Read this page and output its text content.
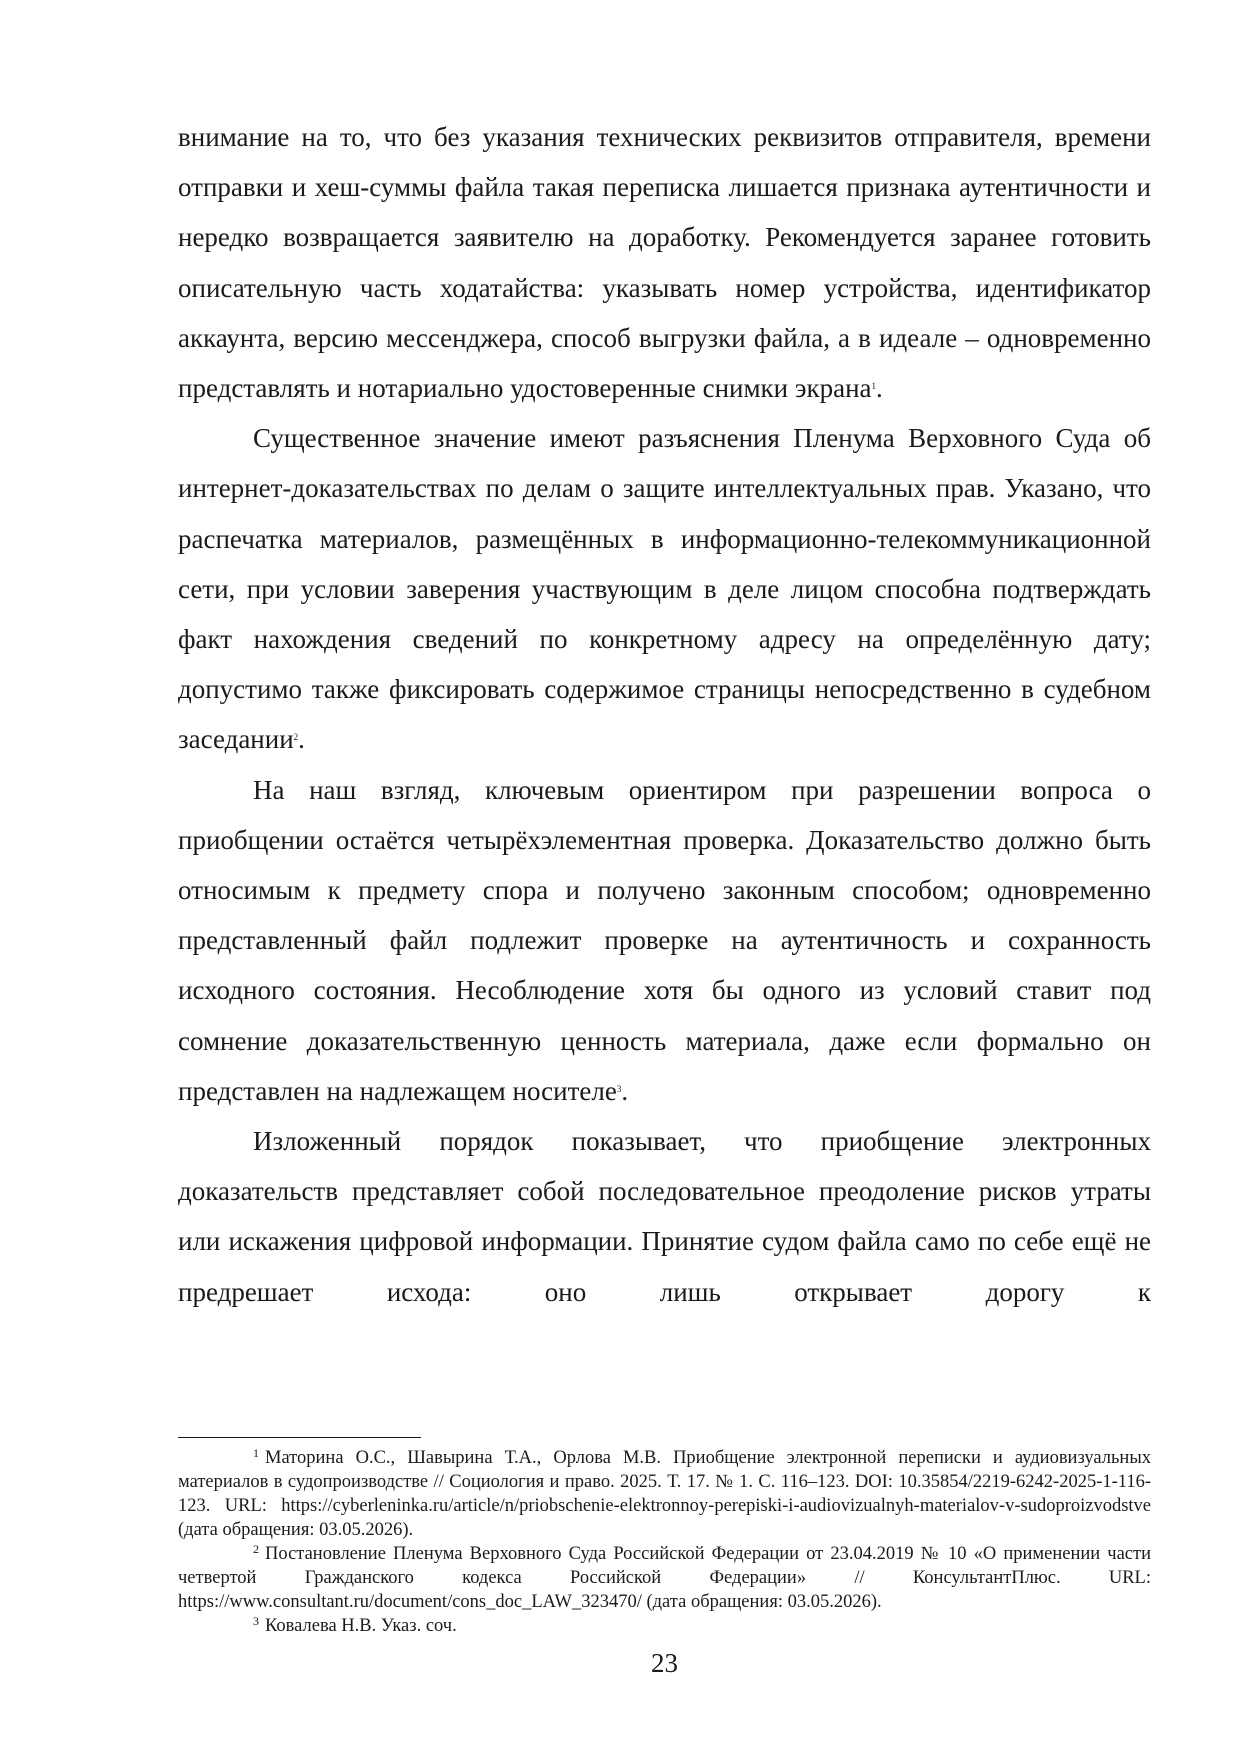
внимание на то, что без указания технических реквизитов отправителя, времени отправки и хеш-суммы файла такая переписка лишается признака аутентичности и нередко возвращается заявителю на доработку. Рекомендуется заранее готовить описательную часть ходатайства: указывать номер устройства, идентификатор аккаунта, версию мессенджера, способ выгрузки файла, а в идеале – одновременно представлять и нотариально удостоверенные снимки экрана$^1$.

Существенное значение имеют разъяснения Пленума Верховного Суда об интернет-доказательствах по делам о защите интеллектуальных прав. Указано, что распечатка материалов, размещённых в информационно-телекоммуникационной сети, при условии заверения участвующим в деле лицом способна подтверждать факт нахождения сведений по конкретному адресу на определённую дату; допустимо также фиксировать содержимое страницы непосредственно в судебном заседании$^2$.

На наш взгляд, ключевым ориентиром при разрешении вопроса о приобщении остаётся четырёхэлементная проверка. Доказательство должно быть относимым к предмету спора и получено законным способом; одновременно представленный файл подлежит проверке на аутентичность и сохранность исходного состояния. Несоблюдение хотя бы одного из условий ставит под сомнение доказательственную ценность материала, даже если формально он представлен на надлежащем носителе$^3$.

Изложенный порядок показывает, что приобщение электронных доказательств представляет собой последовательное преодоление рисков утраты или искажения цифровой информации. Принятие судом файла само по себе ещё не предрешает исхода: оно лишь открывает дорогу к

$^1$ Маторина О.С., Шавырина Т.А., Орлова М.В. Приобщение электронной переписки и аудиовизуальных материалов в судопроизводстве // Социология и право. 2025. Т. 17. № 1. С. 116–123. DOI: 10.35854/2219-6242-2025-1-116-123. URL: https://cyberleninka.ru/article/n/priobschenie-elektronnoy-perepiski-i-audiovizualnyh-materialov-v-sudoproizvodstve (дата обращения: 03.05.2026).

$^2$ Постановление Пленума Верховного Суда Российской Федерации от 23.04.2019 № 10 «О применении части четвертой Гражданского кодекса Российской Федерации» // КонсультантПлюс. URL: https://www.consultant.ru/document/cons_doc_LAW_323470/ (дата обращения: 03.05.2026).

$^3$ Ковалева Н.В. Указ. соч.

23
